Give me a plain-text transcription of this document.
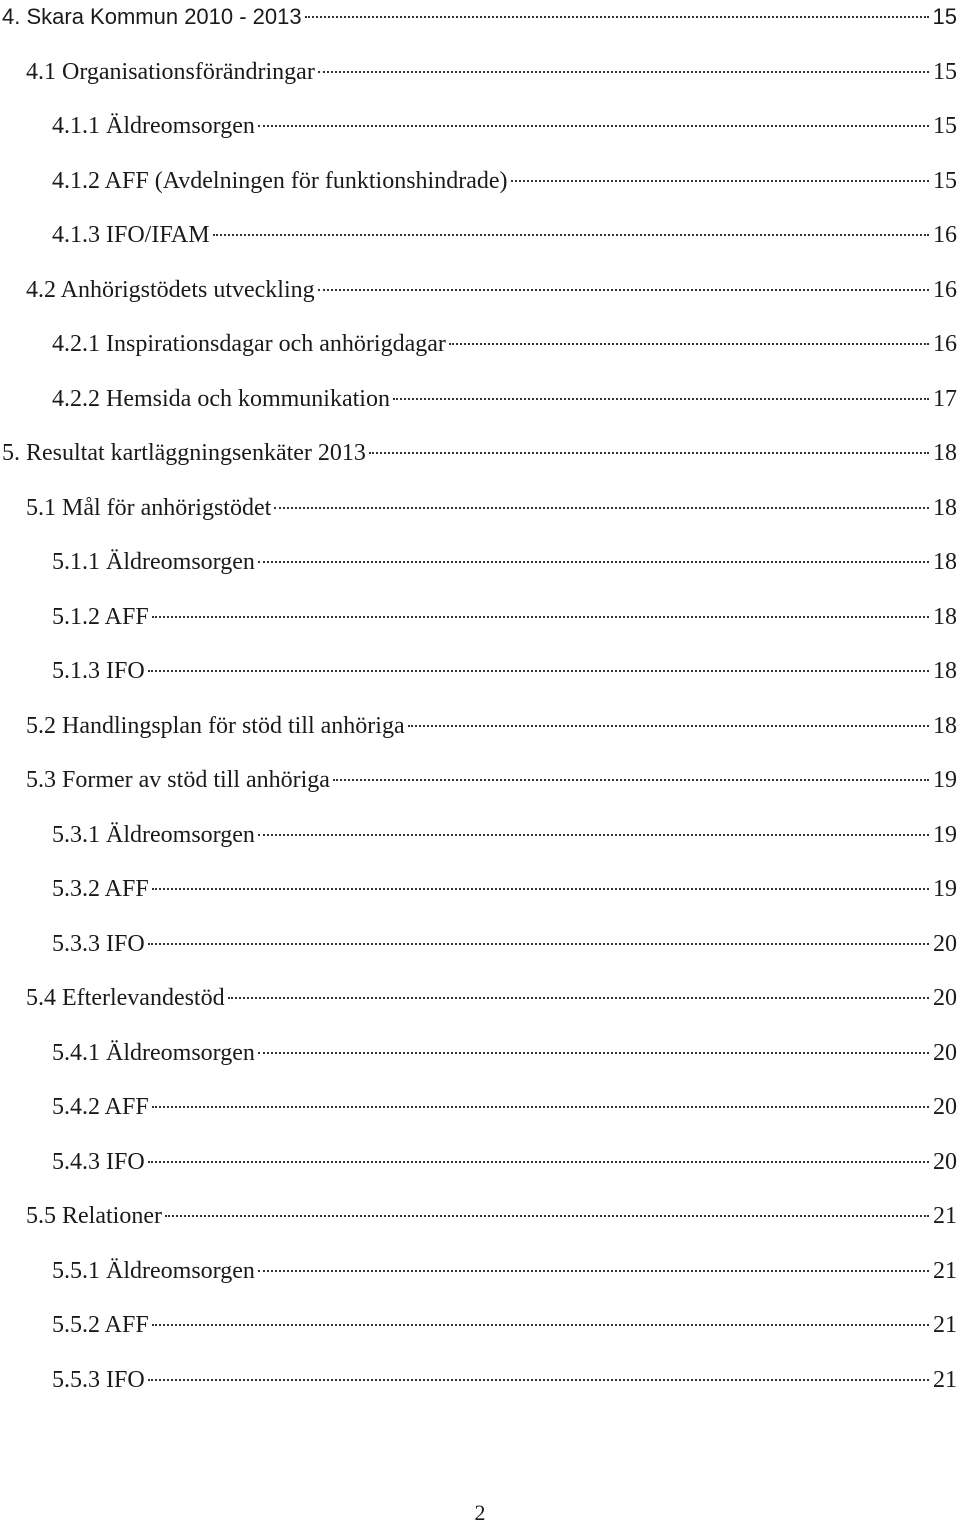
4. Skara Kommun 2010 - 2013	15
4.1 Organisationsförändringar	15
4.1.1 Äldreomsorgen	15
4.1.2 AFF (Avdelningen för funktionshindrade)	15
4.1.3 IFO/IFAM	16
4.2 Anhörigstödets utveckling	16
4.2.1 Inspirationsdagar och anhörigdagar	16
4.2.2 Hemsida och kommunikation	17
5. Resultat kartläggningsenkäter 2013	18
5.1 Mål för anhörigstödet	18
5.1.1 Äldreomsorgen	18
5.1.2 AFF	18
5.1.3 IFO	18
5.2 Handlingsplan för stöd till anhöriga	18
5.3 Former av stöd till anhöriga	19
5.3.1 Äldreomsorgen	19
5.3.2 AFF	19
5.3.3 IFO	20
5.4 Efterlevandestöd	20
5.4.1 Äldreomsorgen	20
5.4.2 AFF	20
5.4.3 IFO	20
5.5 Relationer	21
5.5.1 Äldreomsorgen	21
5.5.2 AFF	21
5.5.3 IFO	21
2
